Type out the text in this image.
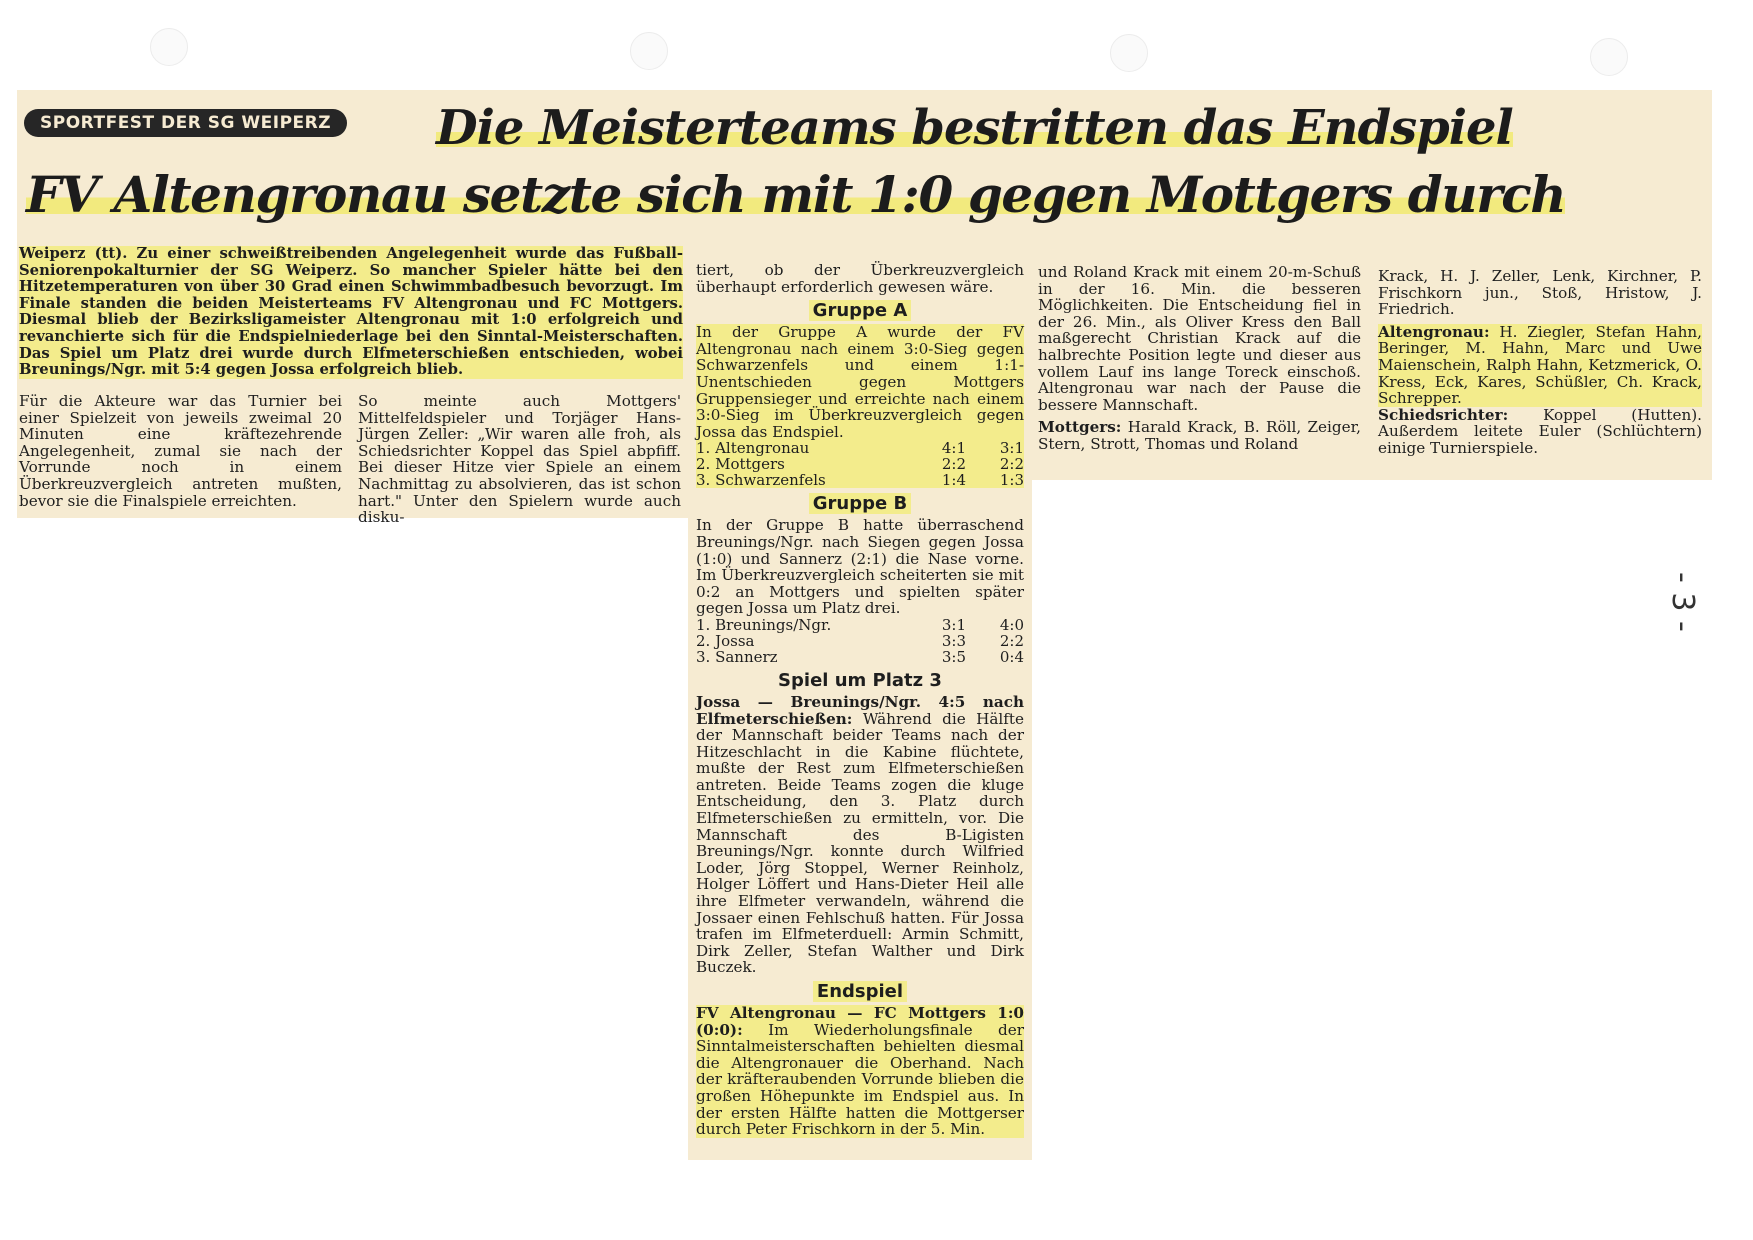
SPORTFEST DER SG WEIPERZ	Die Meisterteams bestritten das Endspiel
FV Altengronau setzte sich mit 1:0 gegen Mottgers durch

Weiperz (tt). Zu einer schweißtreibenden Angelegenheit wurde das Fußball-Seniorenpokalturnier der SG Weiperz. So mancher Spieler hätte bei den Hitzetemperaturen von über 30 Grad einen Schwimmbadbesuch bevorzugt. Im Finale standen die beiden Meisterteams FV Altengronau und FC Mottgers. Diesmal blieb der Bezirksligameister Altengronau mit 1:0 erfolgreich und revanchierte sich für die Endspielniederlage bei den Sinntal-Meisterschaften. Das Spiel um Platz drei wurde durch Elfmeterschießen entschieden, wobei Breunings/Ngr. mit 5:4 gegen Jossa erfolgreich blieb.

Für die Akteure war das Turnier bei einer Spielzeit von jeweils zweimal 20 Minuten eine kräftezehrende Angelegenheit, zumal sie nach der Vorrunde noch in einem Überkreuzvergleich antreten mußten, bevor sie die Finalspiele erreichten.

So meinte auch Mottgers' Mittelfeldspieler und Torjäger Hans-Jürgen Zeller: „Wir waren alle froh, als Schiedsrichter Koppel das Spiel abpfiff. Bei dieser Hitze vier Spiele an einem Nachmittag zu absolvieren, das ist schon hart." Unter den Spielern wurde auch disku-

tiert, ob der Überkreuzvergleich überhaupt erforderlich gewesen wäre.

Gruppe A

In der Gruppe A wurde der FV Altengronau nach einem 3:0-Sieg gegen Schwarzenfels und einem 1:1-Unentschieden gegen Mottgers Gruppensieger und erreichte nach einem 3:0-Sieg im Überkreuzvergleich gegen Jossa das Endspiel.

1. Altengronau	4:1	3:1
2. Mottgers	2:2	2:2
3. Schwarzenfels	1:4	1:3
Gruppe B

In der Gruppe B hatte überraschend Breunings/Ngr. nach Siegen gegen Jossa (1:0) und Sannerz (2:1) die Nase vorne. Im Überkreuzvergleich scheiterten sie mit 0:2 an Mottgers und spielten später gegen Jossa um Platz drei.

1. Breunings/Ngr.	3:1	4:0
2. Jossa	3:3	2:2
3. Sannerz	3:5	0:4
Spiel um Platz 3

Jossa — Breunings/Ngr. 4:5 nach Elfmeterschießen: Während die Hälfte der Mannschaft beider Teams nach der Hitzeschlacht in die Kabine flüchtete, mußte der Rest zum Elfmeterschießen antreten. Beide Teams zogen die kluge Entscheidung, den 3. Platz durch Elfmeterschießen zu ermitteln, vor. Die Mannschaft des B-Ligisten Breunings/Ngr. konnte durch Wilfried Loder, Jörg Stoppel, Werner Reinholz, Holger Löffert und Hans-Dieter Heil alle ihre Elfmeter verwandeln, während die Jossaer einen Fehlschuß hatten. Für Jossa trafen im Elfmeterduell: Armin Schmitt, Dirk Zeller, Stefan Walther und Dirk Buczek.

Endspiel

FV Altengronau — FC Mottgers 1:0 (0:0): Im Wiederholungsfinale der Sinntalmeisterschaften behielten diesmal die Altengronauer die Oberhand. Nach der kräfteraubenden Vorrunde blieben die großen Höhepunkte im Endspiel aus. In der ersten Hälfte hatten die Mottgerser durch Peter Frischkorn in der 5. Min.

und Roland Krack mit einem 20-m-Schuß in der 16. Min. die besseren Möglichkeiten. Die Entscheidung fiel in der 26. Min., als Oliver Kress den Ball maßgerecht Christian Krack auf die halbrechte Position legte und dieser aus vollem Lauf ins lange Toreck einschoß. Altengronau war nach der Pause die bessere Mannschaft.

Mottgers: Harald Krack, B. Röll, Zeiger, Stern, Strott, Thomas und Roland

Krack, H. J. Zeller, Lenk, Kirchner, P. Frischkorn jun., Stoß, Hristow, J. Friedrich.

Altengronau: H. Ziegler, Stefan Hahn, Beringer, M. Hahn, Marc und Uwe Maienschein, Ralph Hahn, Ketzmerick, O. Kress, Eck, Kares, Schüßler, Ch. Krack, Schrepper.

Schiedsrichter: Koppel (Hutten). Außerdem leitete Euler (Schlüchtern) einige Turnierspiele.

- 3 -
